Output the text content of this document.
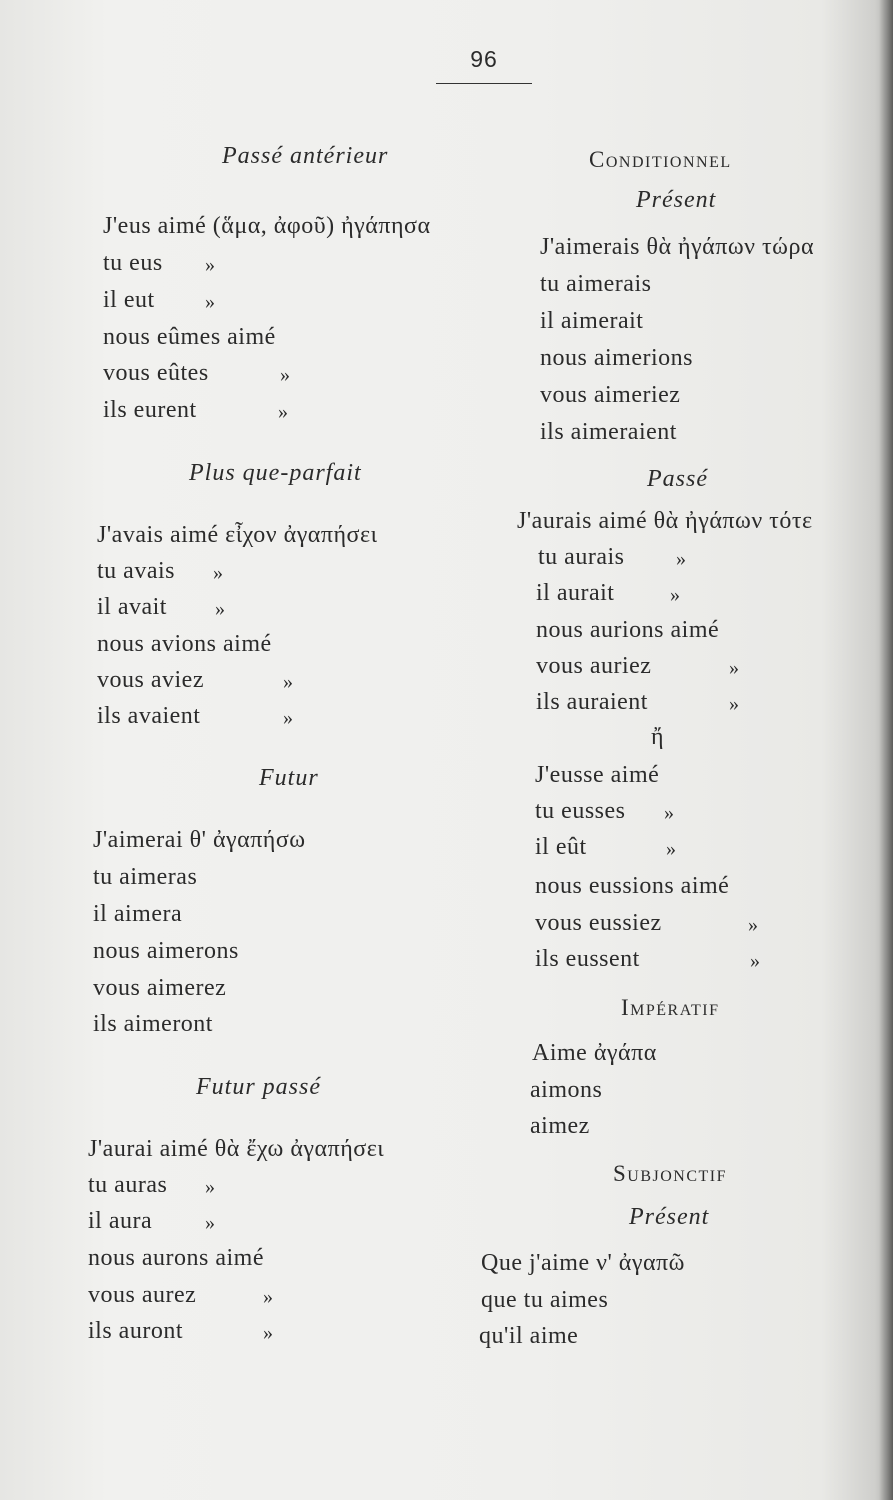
96
Passé antérieur
J'eus aimé (ἅμα, ἀφοῦ) ἠγάπησα
tu eus »
il eut	»
nous eûmes aimé
vous eûtes	»
ils eurent	»
Plus que-parfait
J'avais aimé εἶχον ἀγαπήσει
tu avais »
il avait »
nous avions aimé
vous aviez	»
ils avaient	»
Futur
J'aimerai θ' ἀγαπήσω
tu aimeras
il aimera
nous aimerons
vous aimerez
ils aimeront
Futur passé
J'aurai aimé θὰ ἔχω ἀγαπήσει
tu auras »
il aura	»
nous aurons aimé
vous aurez	»
ils auront	»
Conditionnel
Présent
J'aimerais θὰ ἠγάπων τώρα
tu aimerais
il aimerait
nous aimerions
vous aimeriez
ils aimeraient
Passé
J'aurais aimé θὰ ἠγάπων τότε
tu aurais	»
il aurait	»
nous aurions aimé
vous auriez	»
ils auraient	»
ἤ
J'eusse aimé
tu eusses »
il eût	»
nous eussions aimé
vous eussiez	»
ils eussent	»
Impératif
Aime ἀγάπα
aimons
aimez
Subjonctif
Présent
Que j'aime ν' ἀγαπῶ
que tu aimes
qu'il aime
